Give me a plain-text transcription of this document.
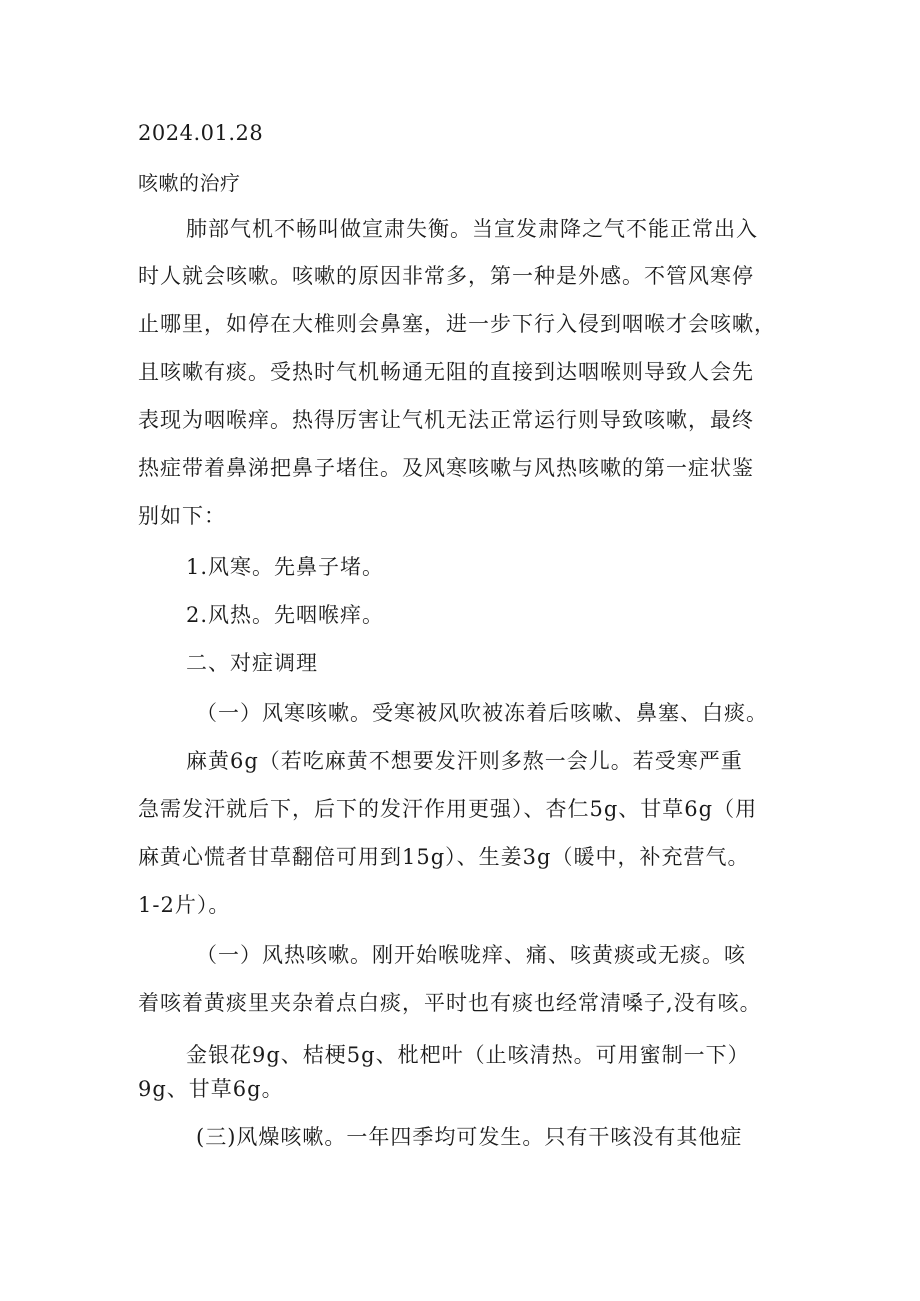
2024.01.28
咳嗽的治疗
肺部气机不畅叫做宣肃失衡。当宣发肃降之气不能正常出入
时人就会咳嗽。咳嗽的原因非常多，第一种是外感。不管风寒停
止哪里，如停在大椎则会鼻塞，进一步下行入侵到咽喉才会咳嗽，
且咳嗽有痰。受热时气机畅通无阻的直接到达咽喉则导致人会先
表现为咽喉痒。热得厉害让气机无法正常运行则导致咳嗽，最终
热症带着鼻涕把鼻子堵住。及风寒咳嗽与风热咳嗽的第一症状鉴
别如下：
1.风寒。先鼻子堵。
2.风热。先咽喉痒。
二、对症调理
（一）风寒咳嗽。受寒被风吹被冻着后咳嗽、鼻塞、白痰。
麻黄6g（若吃麻黄不想要发汗则多熬一会儿。若受寒严重
急需发汗就后下，后下的发汗作用更强）、杏仁5g、甘草6g（用
麻黄心慌者甘草翻倍可用到15g）、生姜3g（暖中，补充营气。
1-2片）。
（一）风热咳嗽。刚开始喉咙痒、痛、咳黄痰或无痰。咳
着咳着黄痰里夹杂着点白痰，平时也有痰也经常清嗓子,没有咳。
金银花9g、桔梗5g、枇杷叶（止咳清热。可用蜜制一下）
9g、甘草6g。
(三)风燥咳嗽。一年四季均可发生。只有干咳没有其他症
